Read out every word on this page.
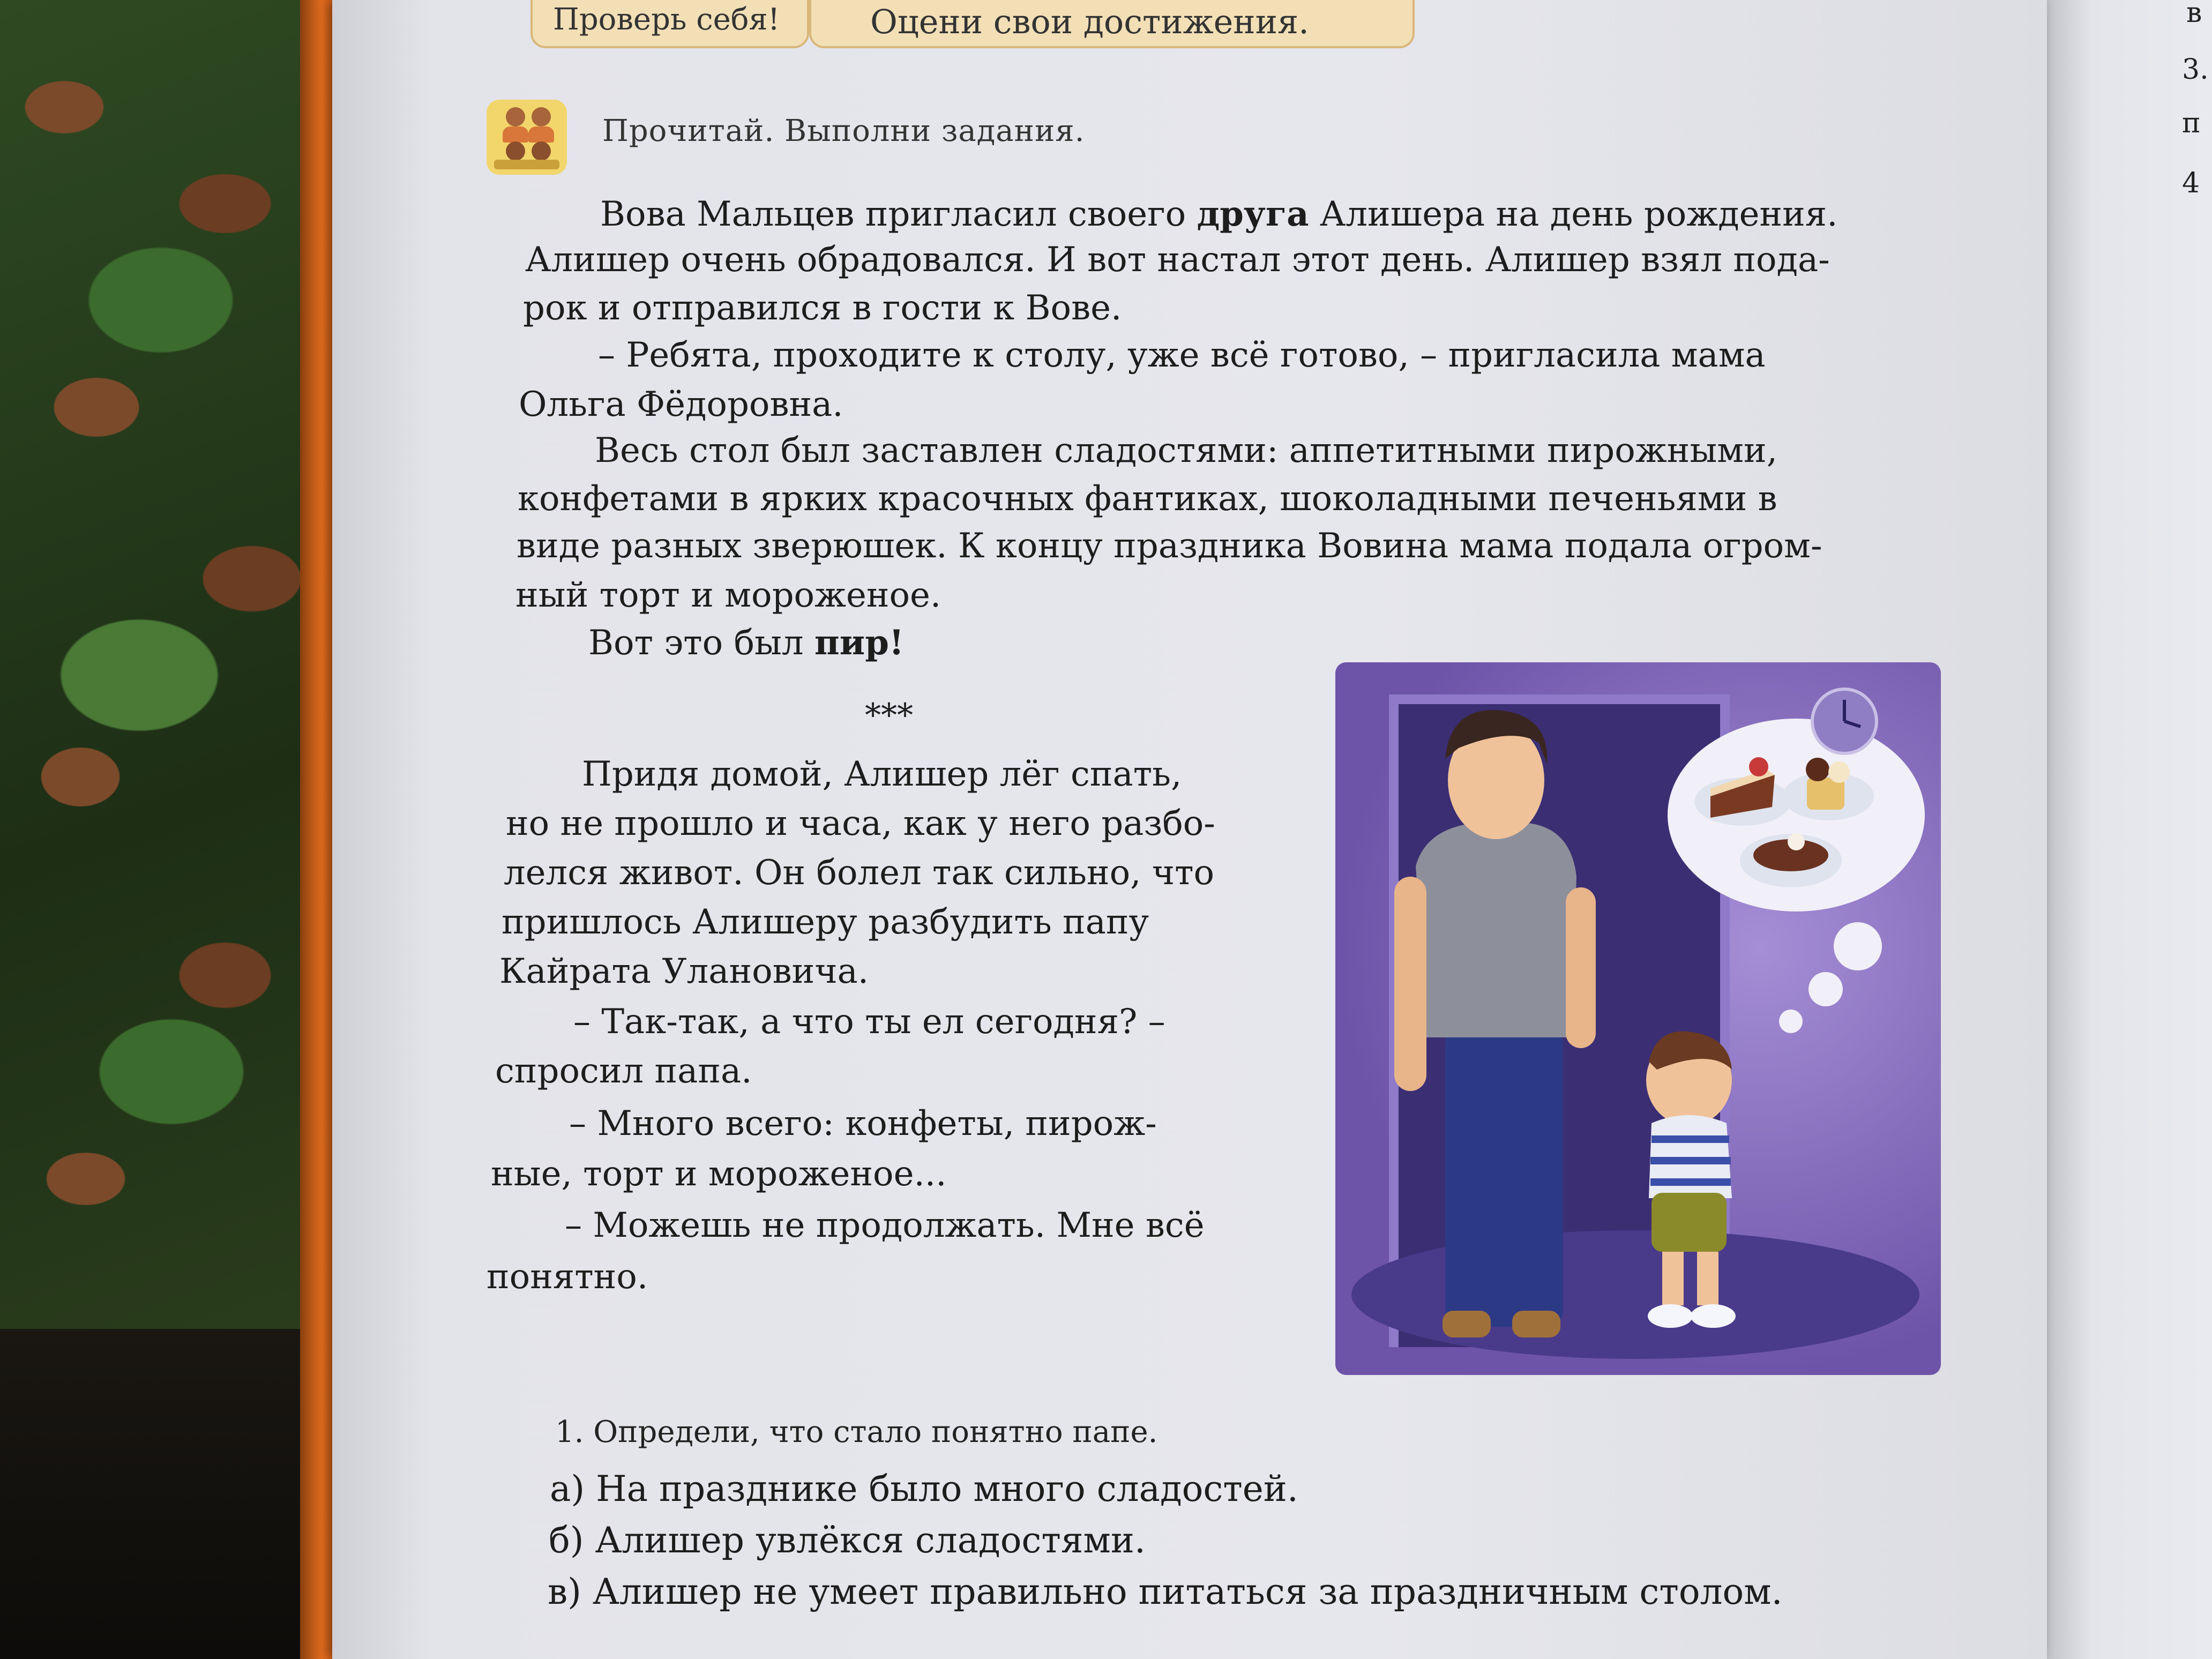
в
3.
п
4
Проверь себя!	Оцени свои достижения.
Прочитай. Выполни задания.
Вова Мальцев пригласил своего друга Алишера на день рождения.
Алишер очень обрадовался. И вот настал этот день. Алишер взял пода-
рок и отправился в гости к Вове.
– Ребята, проходите к столу, уже всё готово, – пригласила мама
Ольга Фёдоровна.
Весь стол был заставлен сладостями: аппетитными пирожными,
конфетами в ярких красочных фантиках, шоколадными печеньями в
виде разных зверюшек. К концу праздника Вовина мама подала огром-
ный торт и мороженое.
Вот это был пир!
***
Придя домой, Алишер лёг спать,
но не прошло и часа, как у него разбо-
лелся живот. Он болел так сильно, что
пришлось Алишеру разбудить папу
Кайрата Улановича.
– Так-так, а что ты ел сегодня? –
спросил папа.
– Много всего: конфеты, пирож-
ные, торт и мороженое...
– Можешь не продолжать. Мне всё
понятно.
1. Определи, что стало понятно папе.
а) На празднике было много сладостей.
б) Алишер увлёкся сладостями.
в) Алишер не умеет правильно питаться за праздничным столом.
